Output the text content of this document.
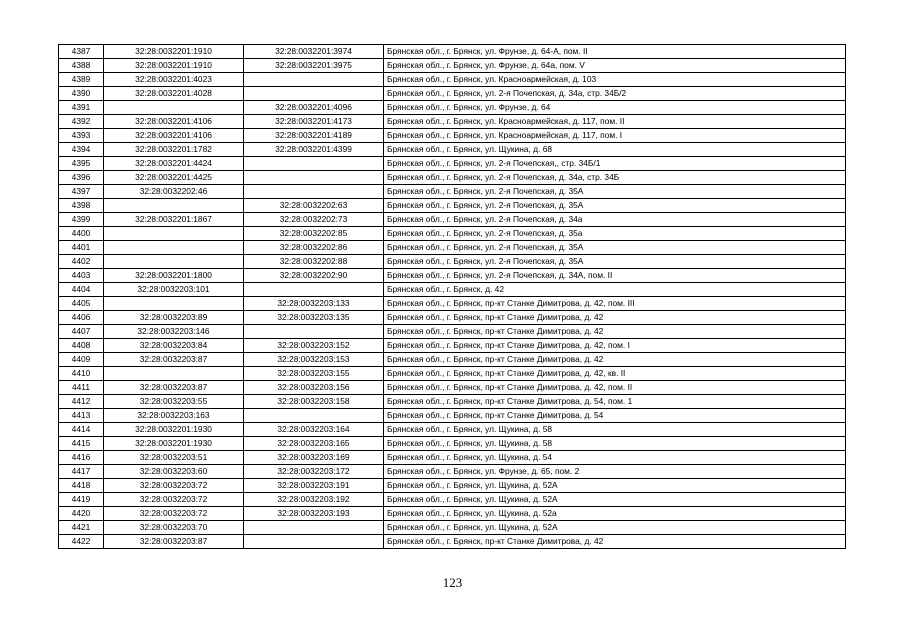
4387	32:28:0032201:1910	32:28:0032201:3974	Брянская обл., г. Брянск, ул. Фрунзе, д. 64-А, пом. II
4388	32:28:0032201:1910	32:28:0032201:3975	Брянская обл., г. Брянск, ул. Фрунзе, д. 64а, пом. V
4389	32:28:0032201:4023		Брянская обл., г. Брянск, ул. Красноармейская, д. 103
4390	32:28:0032201:4028		Брянская обл., г. Брянск, ул. 2-я Почепская, д. 34а, стр. 34Б/2
4391		32:28:0032201:4096	Брянская обл., г. Брянск, ул. Фрунзе, д. 64
4392	32:28:0032201:4106	32:28:0032201:4173	Брянская обл., г. Брянск, ул. Красноармейская, д. 117, пом. II
4393	32:28:0032201:4106	32:28:0032201:4189	Брянская обл., г. Брянск, ул. Красноармейская, д. 117, пом. I
4394	32:28:0032201:1782	32:28:0032201:4399	Брянская обл., г. Брянск, ул. Щукина, д. 68
4395	32:28:0032201:4424		Брянская обл., г. Брянск, ул. 2-я Почепская,, стр. 34Б/1
4396	32:28:0032201:4425		Брянская обл., г. Брянск, ул. 2-я Почепская, д. 34а, стр. 34Б
4397	32:28:0032202:46		Брянская обл., г. Брянск, ул. 2-я Почепская, д. 35А
4398		32:28:0032202:63	Брянская обл., г. Брянск, ул. 2-я Почепская, д. 35А
4399	32:28:0032201:1867	32:28:0032202:73	Брянская обл., г. Брянск, ул. 2-я Почепская, д. 34а
4400		32:28:0032202:85	Брянская обл., г. Брянск, ул. 2-я Почепская, д. 35а
4401		32:28:0032202:86	Брянская обл., г. Брянск, ул. 2-я Почепская, д. 35А
4402		32:28:0032202:88	Брянская обл., г. Брянск, ул. 2-я Почепская, д. 35А
4403	32:28:0032201:1800	32:28:0032202:90	Брянская обл., г. Брянск, ул. 2-я Почепская, д. 34А, пом. II
4404	32:28:0032203:101		Брянская обл., г. Брянск, д. 42
4405		32:28:0032203:133	Брянская обл., г. Брянск, пр-кт Станке Димитрова, д. 42, пом. III
4406	32:28:0032203:89	32:28:0032203:135	Брянская обл., г. Брянск, пр-кт Станке Димитрова, д. 42
4407	32:28:0032203:146		Брянская обл., г. Брянск, пр-кт Станке Димитрова, д. 42
4408	32:28:0032203:84	32:28:0032203:152	Брянская обл., г. Брянск, пр-кт Станке Димитрова, д. 42, пом. I
4409	32:28:0032203:87	32:28:0032203:153	Брянская обл., г. Брянск, пр-кт Станке Димитрова, д. 42
4410		32:28:0032203:155	Брянская обл., г. Брянск, пр-кт Станке Димитрова, д. 42, кв. II
4411	32:28:0032203:87	32:28:0032203:156	Брянская обл., г. Брянск, пр-кт Станке Димитрова, д. 42, пом. II
4412	32:28:0032203:55	32:28:0032203:158	Брянская обл., г. Брянск, пр-кт Станке Димитрова, д. 54, пом. 1
4413	32:28:0032203:163		Брянская обл., г. Брянск, пр-кт Станке Димитрова, д. 54
4414	32:28:0032201:1930	32:28:0032203:164	Брянская обл., г. Брянск, ул. Щукина, д. 58
4415	32:28:0032201:1930	32:28:0032203:165	Брянская обл., г. Брянск, ул. Щукина, д. 58
4416	32:28:0032203:51	32:28:0032203:169	Брянская обл., г. Брянск, ул. Щукина, д. 54
4417	32:28:0032203:60	32:28:0032203:172	Брянская обл., г. Брянск, ул. Фрунзе, д. 65, пом. 2
4418	32:28:0032203:72	32:28:0032203:191	Брянская обл., г. Брянск, ул. Щукина, д. 52А
4419	32:28:0032203:72	32:28:0032203:192	Брянская обл., г. Брянск, ул. Щукина, д. 52А
4420	32:28:0032203:72	32:28:0032203:193	Брянская обл., г. Брянск, ул. Щукина, д. 52а
4421	32:28:0032203:70		Брянская обл., г. Брянск, ул. Щукина, д. 52А
4422	32:28:0032203:87		Брянская обл., г. Брянск, пр-кт Станке Димитрова, д. 42
123
